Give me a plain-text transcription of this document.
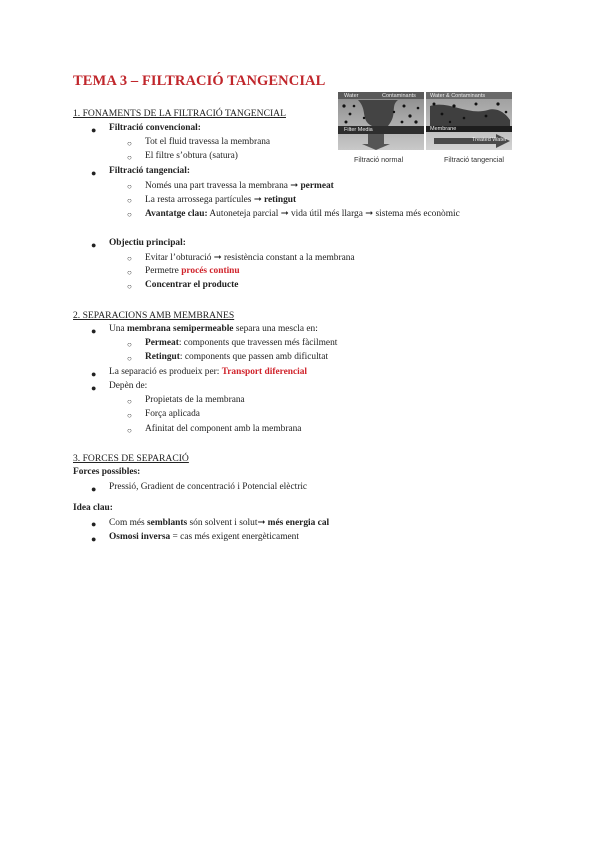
TEMA 3 – FILTRACIÓ TANGENCIAL
1. FONAMENTS DE LA FILTRACIÓ TANGENCIAL
● Filtració convencional:
○ Tot el fluid travessa la membrana
○ El filtre s’obtura (satura)
● Filtració tangencial:
○ Només una part travessa la membrana ➞ permeat
○ La resta arrossega partícules ➞ retingut
○ Avantatge clau: Autoneteja parcial ➞ vida útil més llarga ➞ sistema més econòmic
● Objectiu principal:
○ Evitar l’obturació ➞ resistència constant a la membrana
○ Permetre procés continu
○ Concentrar el producte
Water	Contaminants
Filter Media
Water & Contaminants
Membrane
Treated Water
Filtració normal	Filtració tangencial
2. SEPARACIONS AMB MEMBRANES
● Una membrana semipermeable separa una mescla en:
○ Permeat: components que travessen més fàcilment
○ Retingut: components que passen amb dificultat
● La separació es produeix per: Transport diferencial
● Depèn de:
○ Propietats de la membrana
○ Força aplicada
○ Afinitat del component amb la membrana
3. FORCES DE SEPARACIÓ
Forces possibles:
● Pressió, Gradient de concentració i Potencial elèctric
Idea clau:
● Com més semblants són solvent i solut➞ més energia cal
● Osmosi inversa = cas més exigent energèticament
